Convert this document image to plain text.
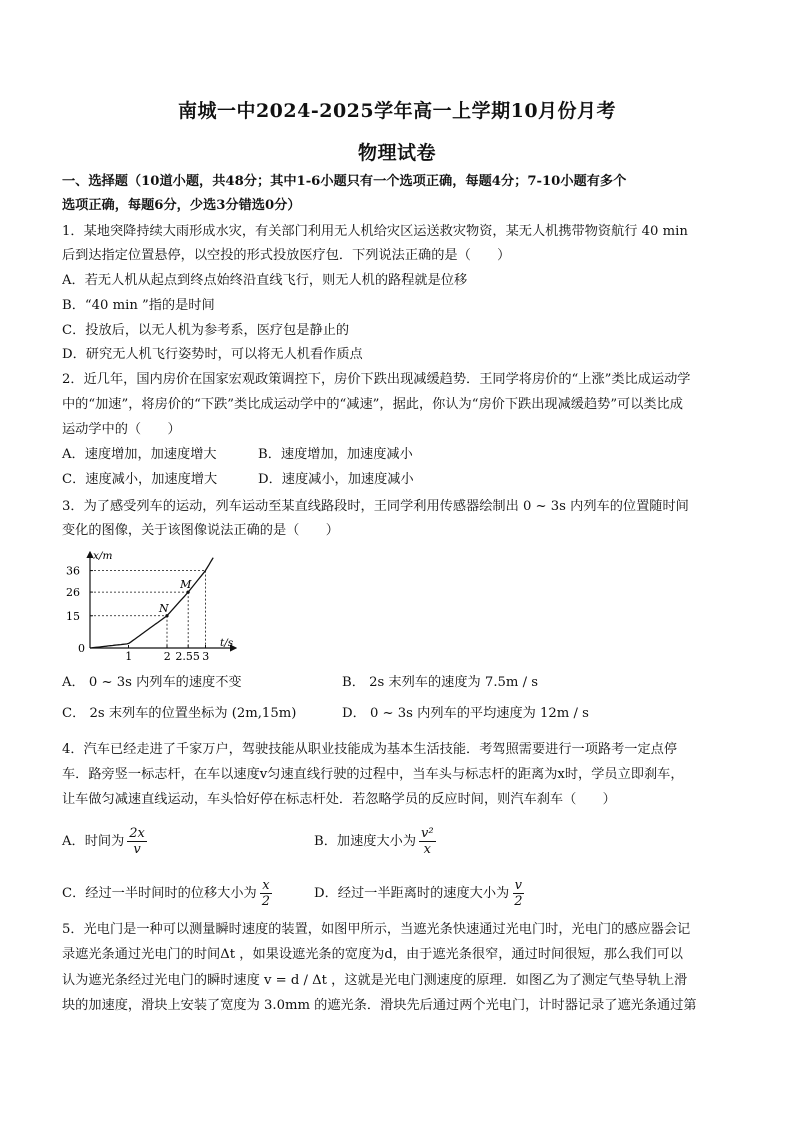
南城一中2024-2025学年高一上学期10月份月考
物理试卷
一、选择题（10道小题，共48分；其中1-6小题只有一个选项正确，每题4分；7-10小题有多个
选项正确，每题6分，少选3分错选0分）
1．某地突降持续大雨形成水灾，有关部门利用无人机给灾区运送救灾物资，某无人机携带物资航行 40 min
后到达指定位置悬停，以空投的形式投放医疗包．下列说法正确的是（　　）
A．若无人机从起点到终点始终沿直线飞行，则无人机的路程就是位移
B．“40 min ”指的是时间
C．投放后，以无人机为参考系，医疗包是静止的
D．研究无人机飞行姿势时，可以将无人机看作质点
2．近几年，国内房价在国家宏观政策调控下，房价下跌出现减缓趋势．王同学将房价的“上涨”类比成运动学
中的“加速”，将房价的“下跌”类比成运动学中的“减速”，据此，你认为“房价下跌出现减缓趋势”可以类比成
运动学中的（　　）
A．速度增加，加速度增大	B．速度增加，加速度减小
C．速度减小，加速度增大	D．速度减小，加速度减小
3．为了感受列车的运动，列车运动至某直线路段时，王同学利用传感器绘制出 0 ~ 3s 内列车的位置随时间
变化的图像，关于该图像说法正确的是（　　）
x/m
t/s
0
15
26
36
1	2 2.55 3
N
M
A． 0 ~ 3s 内列车的速度不变	B． 2s 末列车的速度为 7.5m / s
C． 2s 末列车的位置坐标为 (2m,15m)	D． 0 ~ 3s 内列车的平均速度为 12m / s
4．汽车已经走进了千家万户，驾驶技能从职业技能成为基本生活技能．考驾照需要进行一项路考一定点停
车．路旁竖一标志杆，在车以速度v匀速直线行驶的过程中，当车头与标志杆的距离为x时，学员立即刹车，
让车做匀减速直线运动，车头恰好停在标志杆处．若忽略学员的反应时间，则汽车刹车（　　）
A．时间为 $\frac{2x}{v}$	B．加速度大小为 $\frac{\text{v²}}{x}$
C．经过一半时间时的位移大小为 $\frac{x}{2}$	D．经过一半距离时的速度大小为 $\frac{v}{2}$
5．光电门是一种可以测量瞬时速度的装置，如图甲所示，当遮光条快速通过光电门时，光电门的感应器会记
录遮光条通过光电门的时间Δt ，如果设遮光条的宽度为d，由于遮光条很窄，通过时间很短，那么我们可以
认为遮光条经过光电门的瞬时速度 v = d / Δt ，这就是光电门测速度的原理．如图乙为了测定气垫导轨上滑
块的加速度，滑块上安装了宽度为 3.0mm 的遮光条．滑块先后通过两个光电门，计时器记录了遮光条通过第
